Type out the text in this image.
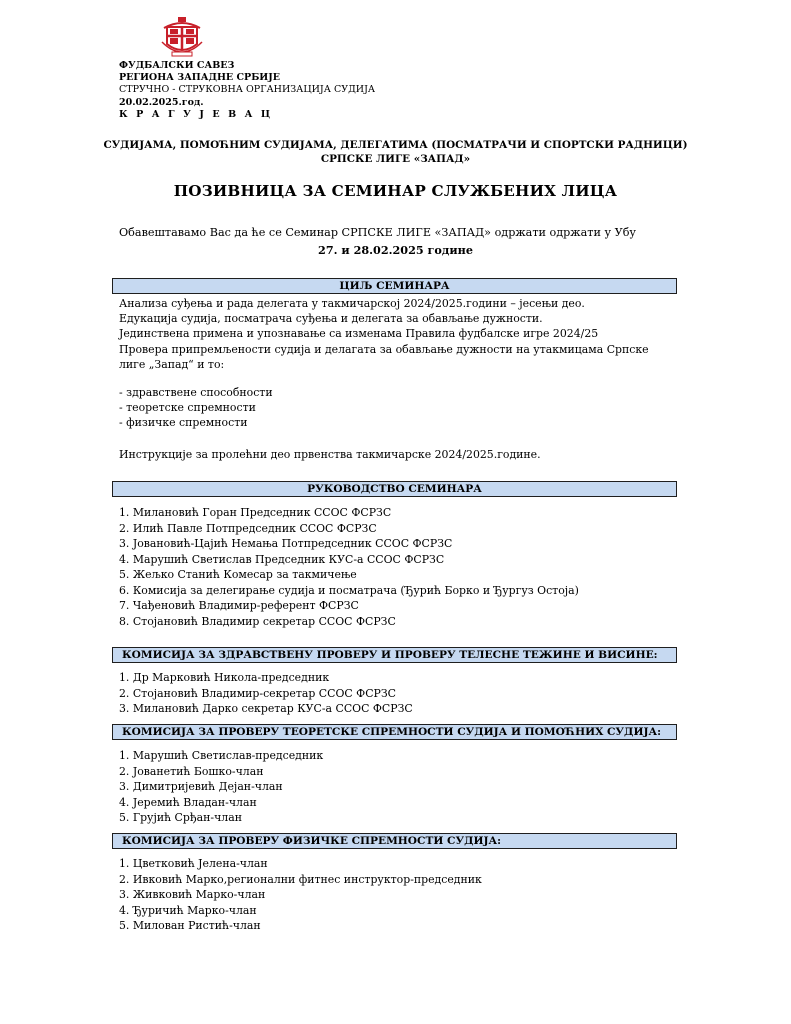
ФУДБАЛСКИ САВЕЗ
РЕГИОНА ЗАПАДНЕ СРБИЈЕ
СТРУЧНО - СТРУКОВНА ОРГАНИЗАЦИЈА СУДИЈА
20.02.2025.год.
К Р А Г У Ј Е В А Ц
СУДИЈАМА, ПОМОЋНИМ СУДИЈАМА, ДЕЛЕГАТИМА (ПОСМАТРАЧИ И СПОРТСКИ РАДНИЦИ)
СРПСКЕ ЛИГЕ «ЗАПАД»
ПОЗИВНИЦА ЗА СЕМИНАР СЛУЖБЕНИХ ЛИЦА
Обавештавамо Вас да ће се Семинар СРПСКЕ ЛИГЕ «ЗАПАД» одржати одржати у Убу
27. и 28.02.2025 године
ЦИЉ СЕМИНАРА
Анализа суђења и рада делегата у такмичарској 2024/2025.години – јесењи део.
Едукација судија, посматрача суђења и делегата за обављање дужности.
Јединствена примена и упознавање са изменама Правила фудбалске игре 2024/25
Провера припремљености судија и делагата за обављање дужности на утакмицама Српске
лиге „Запад“ и то:
- здравствене способности
- теоретске спремности
- физичке спремности
Инструкције за пролећни део првенства такмичарске 2024/2025.године.
РУКОВОДСТВО СЕМИНАРА
1. Милановић Горан Председник ССОС ФСРЗС
2. Илић Павле Потпредседник ССОС ФСРЗС
3. Јовановић-Цајић Немања Потпредседник ССОС ФСРЗС
4. Марушић Светислав Председник КУС-а ССОС ФСРЗС
5. Жељко Станић Комесар за такмичење
6. Комисија за делегирање судија и посматрача (Ђурић Борко и Ђургуз Остоја)
7. Чађеновић Владимир-референт ФСРЗС
8. Стојановић Владимир секретар ССОС ФСРЗС
КОМИСИЈА ЗА ЗДРАВСТВЕНУ ПРОВЕРУ И ПРОВЕРУ ТЕЛЕСНЕ ТЕЖИНЕ И ВИСИНЕ:
1. Др Марковић Никола-председник
2. Стојановић Владимир-секретар ССОС ФСРЗС
3. Милановић Дарко секретар КУС-а ССОС ФСРЗС
КОМИСИЈА ЗА ПРОВЕРУ ТЕОРЕТСКЕ СПРЕМНОСТИ СУДИЈА И ПОМОЋНИХ СУДИЈА:
1. Марушић Светислав-председник
2. Јованетић Бошко-члан
3. Димитријевић Дејан-члан
4. Јеремић Владан-члан
5. Грујић Срђан-члан
КОМИСИЈА ЗА ПРОВЕРУ ФИЗИЧКЕ СПРЕМНОСТИ СУДИЈА:
1. Цветковић Јелена-члан
2. Ивковић Марко,регионални фитнес инструктор-председник
3. Живковић Марко-члан
4. Ђуричић Марко-члан
5. Милован Ристић-члан
